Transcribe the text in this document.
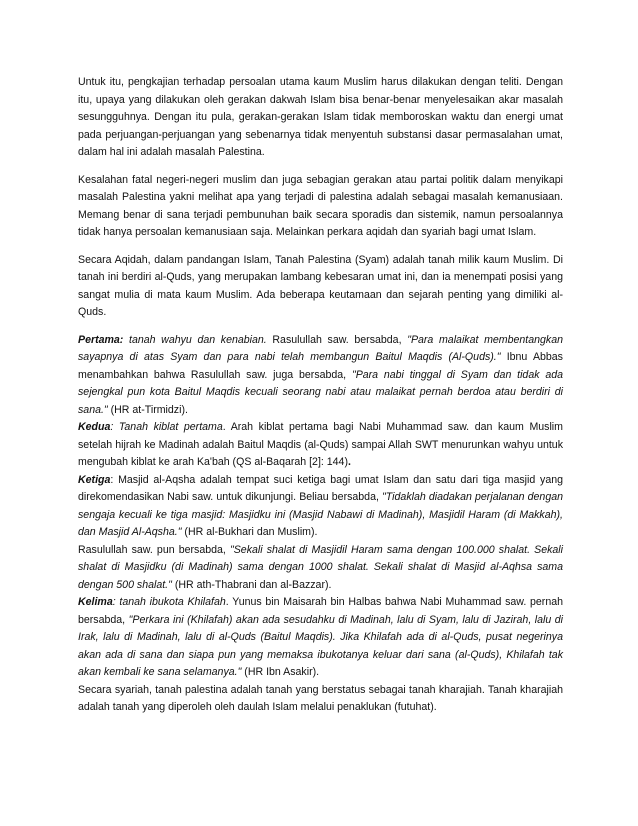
Untuk itu, pengkajian terhadap persoalan utama kaum Muslim harus dilakukan dengan teliti. Dengan itu, upaya yang dilakukan oleh gerakan dakwah Islam bisa benar-benar menyelesaikan akar masalah sesungguhnya. Dengan itu pula, gerakan-gerakan Islam tidak memboroskan waktu dan energi umat pada perjuangan-perjuangan yang sebenarnya tidak menyentuh substansi dasar permasalahan umat, dalam hal ini adalah masalah Palestina.

Kesalahan fatal negeri-negeri muslim dan juga sebagian gerakan atau partai politik dalam menyikapi masalah Palestina yakni melihat apa yang terjadi di palestina adalah sebagai masalah kemanusiaan. Memang benar di sana terjadi pembunuhan baik secara sporadis dan sistemik, namun persoalannya tidak hanya persoalan kemanusiaan saja. Melainkan perkara aqidah dan syariah bagi umat Islam.

Secara Aqidah, dalam pandangan Islam, Tanah Palestina (Syam) adalah tanah milik kaum Muslim. Di tanah ini berdiri al-Quds, yang merupakan lambang kebesaran umat ini, dan ia menempati posisi yang sangat mulia di mata kaum Muslim. Ada beberapa keutamaan dan sejarah penting yang dimiliki al-Quds.

Pertama: tanah wahyu dan kenabian. Rasulullah saw. bersabda, "Para malaikat membentangkan sayapnya di atas Syam dan para nabi telah membangun Baitul Maqdis (Al-Quds)." Ibnu Abbas menambahkan bahwa Rasulullah saw. juga bersabda, "Para nabi tinggal di Syam dan tidak ada sejengkal pun kota Baitul Maqdis kecuali seorang nabi atau malaikat pernah berdoa atau berdiri di sana." (HR at-Tirmidzi).

Kedua: Tanah kiblat pertama. Arah kiblat pertama bagi Nabi Muhammad saw. dan kaum Muslim setelah hijrah ke Madinah adalah Baitul Maqdis (al-Quds) sampai Allah SWT menurunkan wahyu untuk mengubah kiblat ke arah Ka'bah (QS al-Baqarah [2]: 144).

Ketiga: Masjid al-Aqsha adalah tempat suci ketiga bagi umat Islam dan satu dari tiga masjid yang direkomendasikan Nabi saw. untuk dikunjungi. Beliau bersabda, "Tidaklah diadakan perjalanan dengan sengaja kecuali ke tiga masjid: Masjidku ini (Masjid Nabawi di Madinah), Masjidil Haram (di Makkah), dan Masjid Al-Aqsha." (HR al-Bukhari dan Muslim).

Rasulullah saw. pun bersabda, "Sekali shalat di Masjidil Haram sama dengan 100.000 shalat. Sekali shalat di Masjidku (di Madinah) sama dengan 1000 shalat. Sekali shalat di Masjid al-Aqhsa sama dengan 500 shalat." (HR ath-Thabrani dan al-Bazzar).

Kelima: tanah ibukota Khilafah. Yunus bin Maisarah bin Halbas bahwa Nabi Muhammad saw. pernah bersabda, "Perkara ini (Khilafah) akan ada sesudahku di Madinah, lalu di Syam, lalu di Jazirah, lalu di Irak, lalu di Madinah, lalu di al-Quds (Baitul Maqdis). Jika Khilafah ada di al-Quds, pusat negerinya akan ada di sana dan siapa pun yang memaksa ibukotanya keluar dari sana (al-Quds), Khilafah tak akan kembali ke sana selamanya." (HR Ibn Asakir).

Secara syariah, tanah palestina adalah tanah yang berstatus sebagai tanah kharajiah. Tanah kharajiah adalah tanah yang diperoleh oleh daulah Islam melalui penaklukan (futuhat).
